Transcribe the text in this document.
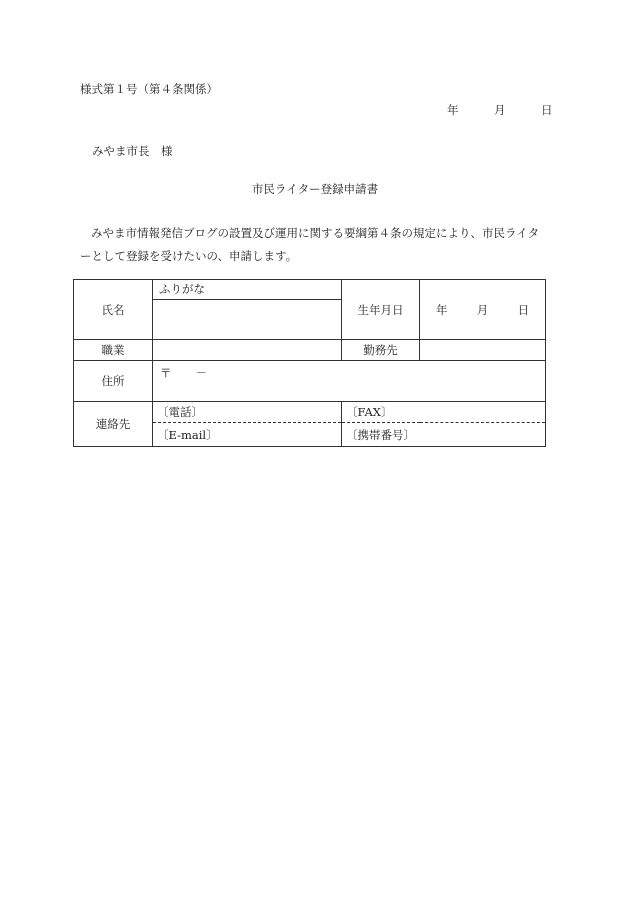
様式第１号（第４条関係）
年	月	日
みやま市長　様
市民ライター登録申請書
みやま市情報発信ブログの設置及び運用に関する要綱第４条の規定により、市民ライターとして登録を受けたいの、申請します。
氏名	ふりがな	生年月日	年 月 日

職業		勤務先	
住所	〒 －		
連絡先	〔電話〕	〔FAX〕	
	〔E-mail〕	〔携帯番号〕	
